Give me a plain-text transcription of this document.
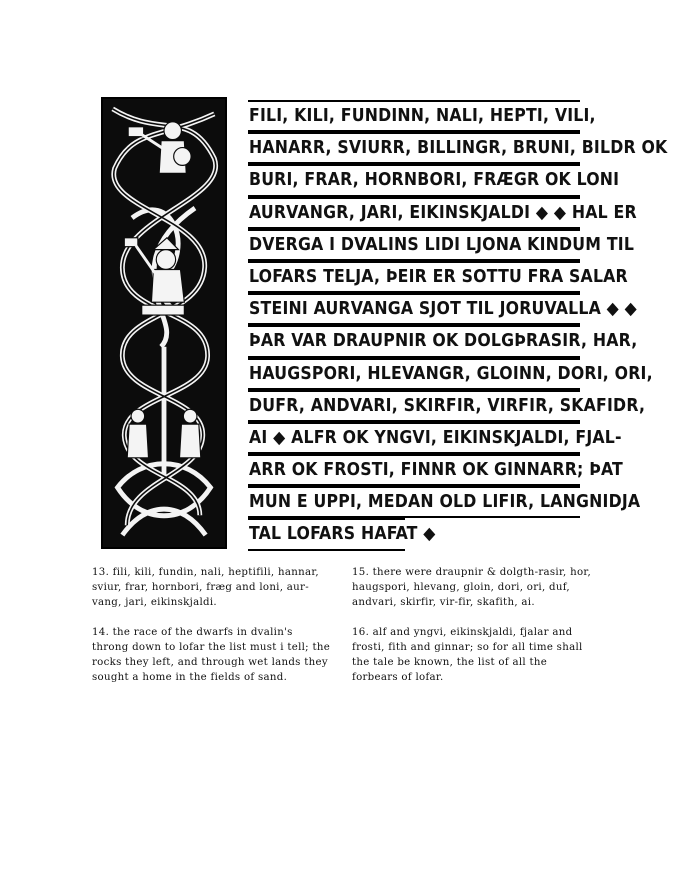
FILI, KILI, FUNDINN, NALI, HEPTI, VILI,
HANARR, SVIURR, BILLINGR, BRUNI, BILDR OK
BURI, FRAR, HORNBORI, FRÆGR OK LONI
AURVANGR, JARI, EIKINSKJALDI ◆ ◆ HAL ER
DVERGA I DVALINS LIDI LJONA KINDUM TIL
LOFARS TELJA, ÞEIR ER SOTTU FRA SALAR
STEINI AURVANGA SJOT TIL JORUVALLA ◆ ◆
ÞAR VAR DRAUPNIR OK DOLGÞRASIR, HAR,
HAUGSPORI, HLEVANGR, GLOINN, DORI, ORI,
DUFR, ANDVARI, SKIRFIR, VIRFIR, SKAFIDR,
AI ◆ ALFR OK YNGVI, EIKINSKJALDI, FJAL-
ARR OK FROSTI, FINNR OK GINNARR; ÞAT
MUN E UPPI, MEDAN OLD LIFIR, LANGNIDJA
TAL LOFARS HAFAT ◆

13. fili, kili, fundin, nali, heptifili, hannar, sviur, frar, hornbori, fræg and loni, aur-vang, jari, eikinskjaldi.

14. the race of the dwarfs in dvalin's throng down to lofar the list must i tell; the rocks they left, and through wet lands they sought a home in the fields of sand.

15. there were draupnir & dolgth-rasir, hor, haugspori, hlevang, gloin, dori, ori, duf, andvari, skirfir, vir-fir, skafith, ai.

16. alf and yngvi, eikinskjaldi, fjalar and frosti, fith and ginnar; so for all time shall the tale be known, the list of all the forbears of lofar.
